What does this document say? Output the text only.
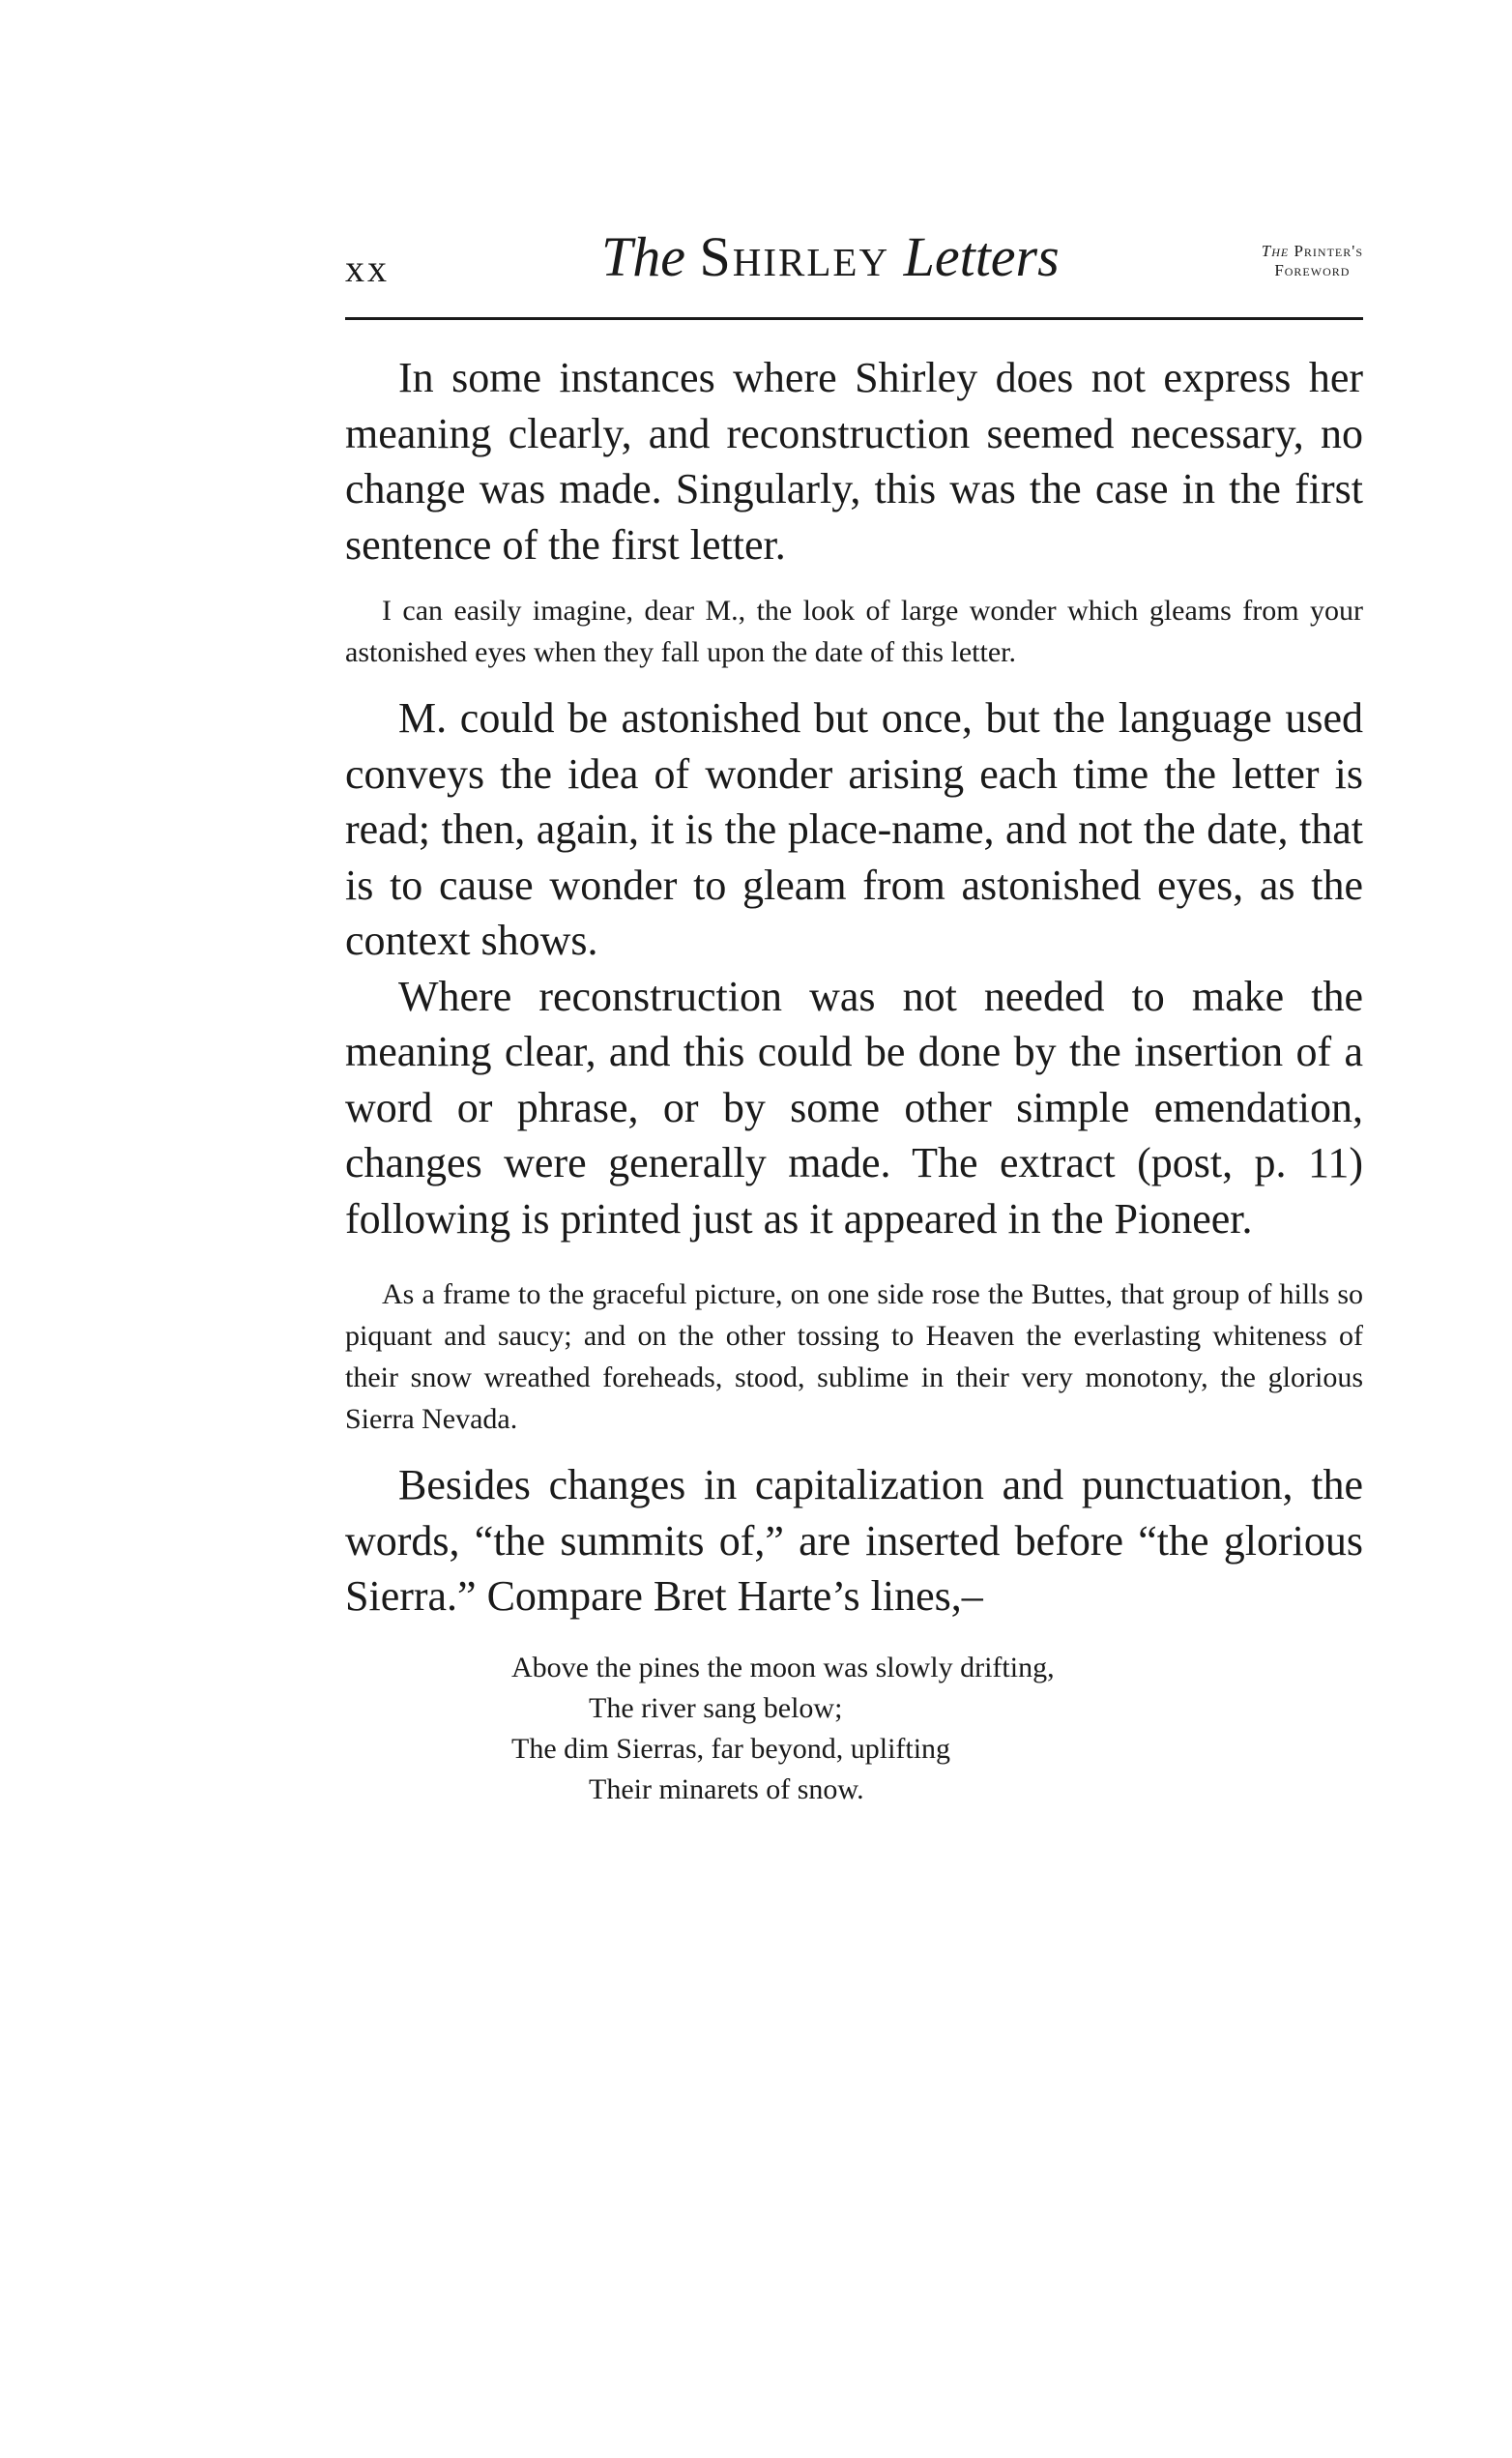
xx	The Shirley Letters	The Printer's
Foreword

In some instances where Shirley does not express her meaning clearly, and reconstruction seemed necessary, no change was made. Singularly, this was the case in the first sentence of the first letter.

I can easily imagine, dear M., the look of large wonder which gleams from your astonished eyes when they fall upon the date of this letter.

M. could be astonished but once, but the language used conveys the idea of wonder arising each time the letter is read; then, again, it is the place-name, and not the date, that is to cause wonder to gleam from astonished eyes, as the context shows.

Where reconstruction was not needed to make the meaning clear, and this could be done by the insertion of a word or phrase, or by some other simple emendation, changes were generally made. The extract (post, p. 11) following is printed just as it appeared in the Pioneer.

As a frame to the graceful picture, on one side rose the Buttes, that group of hills so piquant and saucy; and on the other tossing to Heaven the everlasting whiteness of their snow wreathed foreheads, stood, sublime in their very monotony, the glorious Sierra Nevada.

Besides changes in capitalization and punctuation, the words, “the summits of,” are inserted before “the glorious Sierra.” Compare Bret Harte’s lines,–

Above the pines the moon was slowly drifting,
The river sang below;
The dim Sierras, far beyond, uplifting
Their minarets of snow.
